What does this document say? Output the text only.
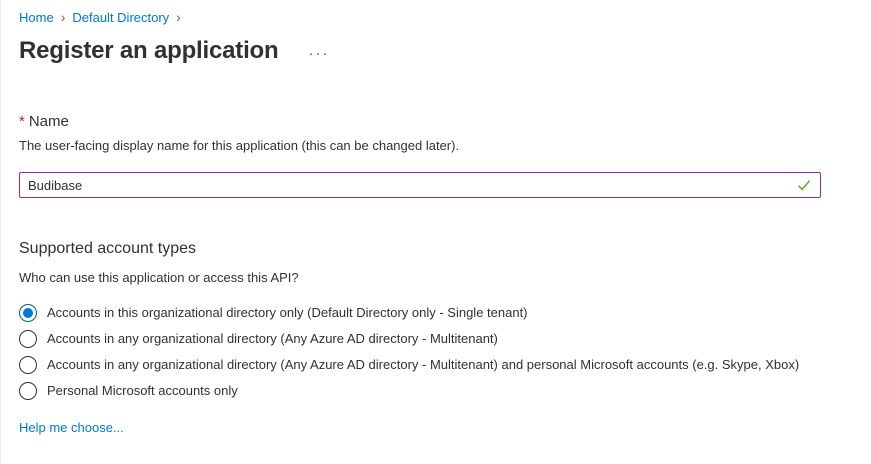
Home › Default Directory ›
Register an application ···
* Name

The user-facing display name for this application (this can be changed later).

Budibase
Supported account types

Who can use this application or access this API?

Accounts in this organizational directory only (Default Directory only - Single tenant)
Accounts in any organizational directory (Any Azure AD directory - Multitenant)
Accounts in any organizational directory (Any Azure AD directory - Multitenant) and personal Microsoft accounts (e.g. Skype, Xbox)
Personal Microsoft accounts only
Help me choose...
